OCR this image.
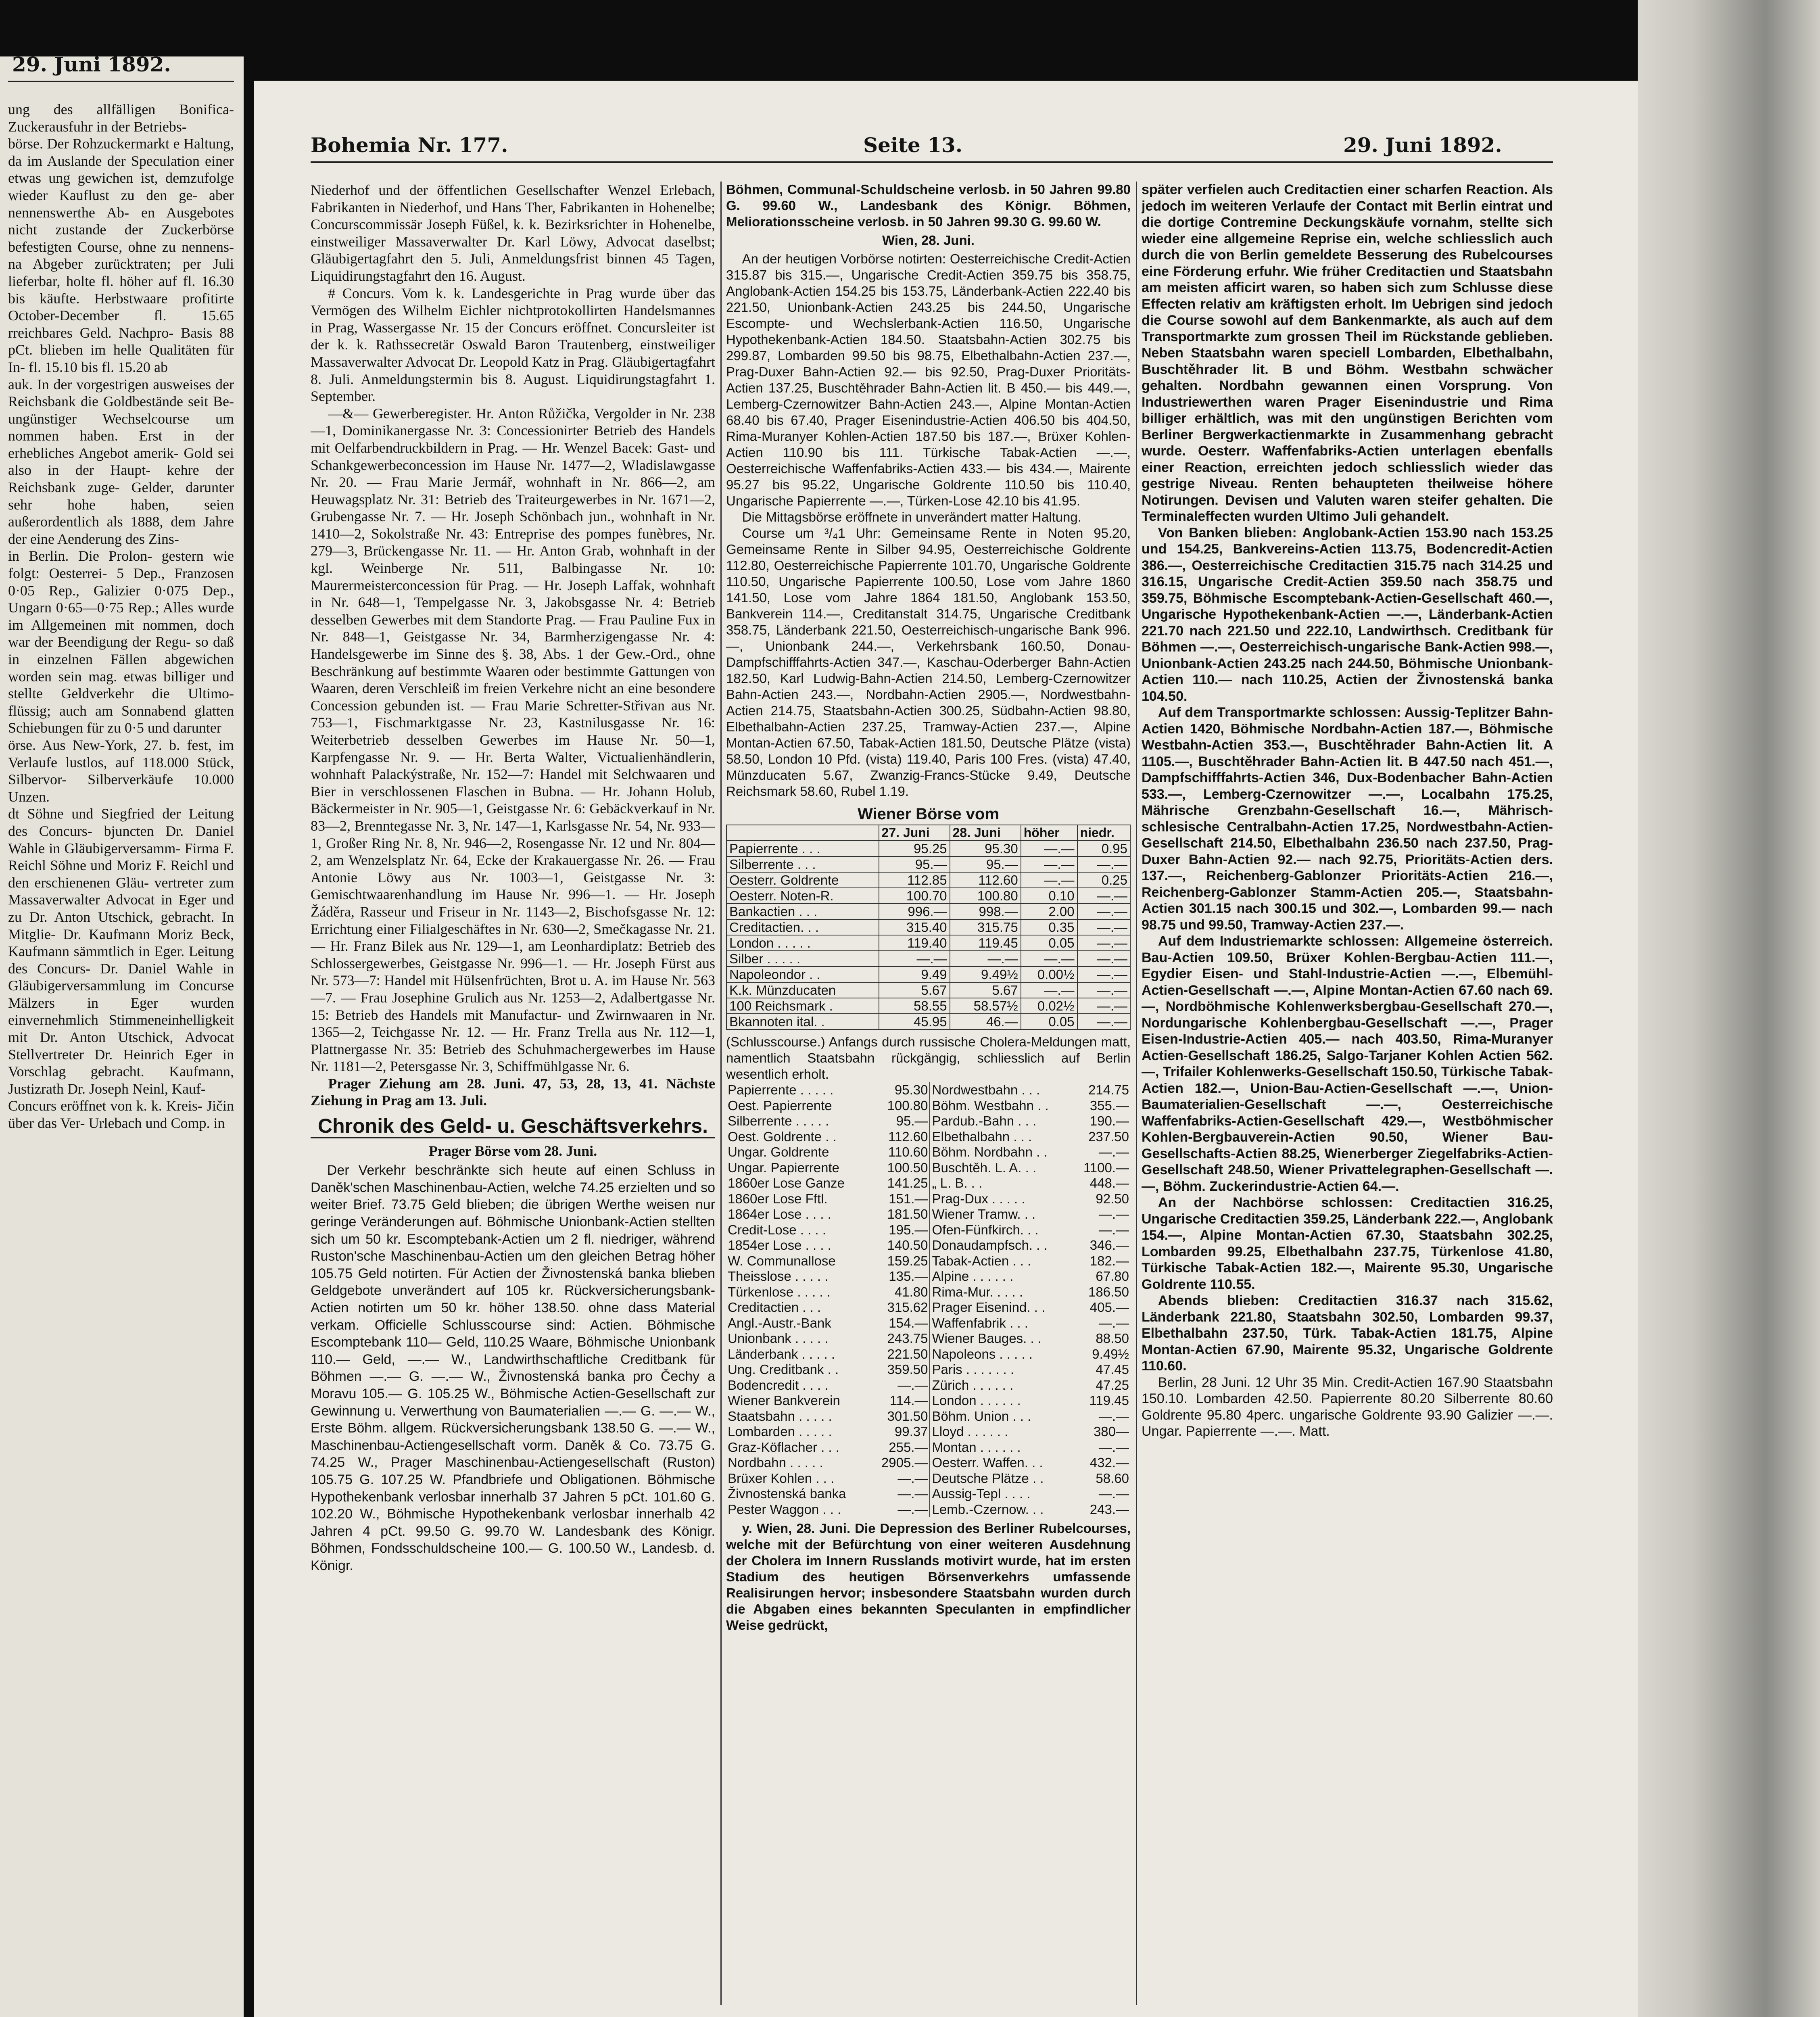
29. Juni 1892.

ung des allfälligen Bonifica- Zuckerausfuhr in der Betriebs-

börse. Der Rohzuckermarkt e Haltung, da im Auslande der Speculation einer etwas ung gewichen ist, demzufolge wieder Kauflust zu den ge- aber nennenswerthe Ab- en Ausgebotes nicht zustande der Zuckerbörse befestigten Course, ohne zu nennens- na Abgeber zurücktraten; per Juli lieferbar, holte fl. höher auf fl. 16.30 bis käufte. Herbstwaare profitirte October-December fl. 15.65 rreichbares Geld. Nachpro- Basis 88 pCt. blieben im helle Qualitäten für In- fl. 15.10 bis fl. 15.20 ab

auk. In der vorgestrigen ausweises der Reichsbank die Goldbestände seit Be- ungünstiger Wechselcourse um nommen haben. Erst in der erhebliches Angebot amerik- Gold sei also in der Haupt- kehre der Reichsbank zuge- Gelder, darunter sehr hohe haben, seien außerordentlich als 1888, dem Jahre der eine Aenderung des Zins-

in Berlin. Die Prolon- gestern wie folgt: Oesterrei- 5 Dep., Franzosen 0·05 Rep., Galizier 0·075 Dep., Ungarn 0·65—0·75 Rep.; Alles wurde im Allgemeinen mit nommen, doch war der Beendigung der Regu- so daß in einzelnen Fällen abgewichen worden sein mag. etwas billiger und stellte Geldverkehr die Ultimo- flüssig; auch am Sonnabend glatten Schiebungen für zu 0·5 und darunter

örse. Aus New-York, 27. b. fest, im Verlaufe lustlos, auf 118.000 Stück, Silbervor- Silberverkäufe 10.000 Unzen.

dt Söhne und Siegfried der Leitung des Concurs- bjuncten Dr. Daniel Wahle in Gläubigerversamm- Firma F. Reichl Söhne und Moriz F. Reichl und den erschienenen Gläu- vertreter zum Massaverwalter Advocat in Eger und zu Dr. Anton Utschick, gebracht. In Mitglie- Dr. Kaufmann Moriz Beck, Kaufmann sämmtlich in Eger. Leitung des Concurs- Dr. Daniel Wahle in Gläubigerversammlung im Concurse Mälzers in Eger wurden einvernehmlich Stimmeneinhelligkeit mit Dr. Anton Utschick, Advocat Stellvertreter Dr. Heinrich Eger in Vorschlag gebracht. Kaufmann, Justizrath Dr. Joseph Neinl, Kauf-

Concurs eröffnet von k. k. Kreis- Jičin über das Ver- Urlebach und Comp. in

Bohemia Nr. 177.	Seite 13.	29. Juni 1892.

Niederhof und der öffentlichen Gesellschafter Wenzel Erlebach, Fabrikanten in Niederhof, und Hans Ther, Fabrikanten in Hohenelbe; Concurscommissär Joseph Füßel, k. k. Bezirksrichter in Hohenelbe, einstweiliger Massaverwalter Dr. Karl Löwy, Advocat daselbst; Gläubigertagfahrt den 5. Juli, Anmeldungsfrist binnen 45 Tagen, Liquidirungstagfahrt den 16. August.

# Concurs. Vom k. k. Landesgerichte in Prag wurde über das Vermögen des Wilhelm Eichler nichtprotokollirten Handelsmannes in Prag, Wassergasse Nr. 15 der Concurs eröffnet. Concursleiter ist der k. k. Rathssecretär Oswald Baron Trautenberg, einstweiliger Massaverwalter Advocat Dr. Leopold Katz in Prag. Gläubigertagfahrt 8. Juli. Anmeldungstermin bis 8. August. Liquidirungstagfahrt 1. September.

—&— Gewerberegister. Hr. Anton Růžička, Vergolder in Nr. 238—1, Dominikanergasse Nr. 3: Concessionirter Betrieb des Handels mit Oelfarbendruckbildern in Prag. — Hr. Wenzel Bacek: Gast- und Schankgewerbeconcession im Hause Nr. 1477—2, Wladislawgasse Nr. 20. — Frau Marie Jermář, wohnhaft in Nr. 866—2, am Heuwagsplatz Nr. 31: Betrieb des Traiteurgewerbes in Nr. 1671—2, Grubengasse Nr. 7. — Hr. Joseph Schönbach jun., wohnhaft in Nr. 1410—2, Sokolstraße Nr. 43: Entreprise des pompes funèbres, Nr. 279—3, Brückengasse Nr. 11. — Hr. Anton Grab, wohnhaft in der kgl. Weinberge Nr. 511, Balbingasse Nr. 10: Maurermeisterconcession für Prag. — Hr. Joseph Laffak, wohnhaft in Nr. 648—1, Tempelgasse Nr. 3, Jakobsgasse Nr. 4: Betrieb desselben Gewerbes mit dem Standorte Prag. — Frau Pauline Fux in Nr. 848—1, Geistgasse Nr. 34, Barmherzigengasse Nr. 4: Handelsgewerbe im Sinne des §. 38, Abs. 1 der Gew.-Ord., ohne Beschränkung auf bestimmte Waaren oder bestimmte Gattungen von Waaren, deren Verschleiß im freien Verkehre nicht an eine besondere Concession gebunden ist. — Frau Marie Schretter-Střivan aus Nr. 753—1, Fischmarktgasse Nr. 23, Kastnilusgasse Nr. 16: Weiterbetrieb desselben Gewerbes im Hause Nr. 50—1, Karpfengasse Nr. 9. — Hr. Berta Walter, Victualienhändlerin, wohnhaft Palackýstraße, Nr. 152—7: Handel mit Selchwaaren und Bier in verschlossenen Flaschen in Bubna. — Hr. Johann Holub, Bäckermeister in Nr. 905—1, Geistgasse Nr. 6: Gebäckverkauf in Nr. 83—2, Brenntegasse Nr. 3, Nr. 147—1, Karlsgasse Nr. 54, Nr. 933—1, Großer Ring Nr. 8, Nr. 946—2, Rosengasse Nr. 12 und Nr. 804—2, am Wenzelsplatz Nr. 64, Ecke der Krakauergasse Nr. 26. — Frau Antonie Löwy aus Nr. 1003—1, Geistgasse Nr. 3: Gemischtwaarenhandlung im Hause Nr. 996—1. — Hr. Joseph Žáděra, Rasseur und Friseur in Nr. 1143—2, Bischofsgasse Nr. 12: Errichtung einer Filialgeschäftes in Nr. 630—2, Smečkagasse Nr. 21. — Hr. Franz Bilek aus Nr. 129—1, am Leonhardiplatz: Betrieb des Schlossergewerbes, Geistgasse Nr. 996—1. — Hr. Joseph Fürst aus Nr. 573—7: Handel mit Hülsenfrüchten, Brot u. A. im Hause Nr. 563—7. — Frau Josephine Grulich aus Nr. 1253—2, Adalbertgasse Nr. 15: Betrieb des Handels mit Manufactur- und Zwirnwaaren in Nr. 1365—2, Teichgasse Nr. 12. — Hr. Franz Trella aus Nr. 112—1, Plattnergasse Nr. 35: Betrieb des Schuhmachergewerbes im Hause Nr. 1181—2, Petersgasse Nr. 3, Schiffmühlgasse Nr. 6.

Prager Ziehung am 28. Juni. 47, 53, 28, 13, 41. Nächste Ziehung in Prag am 13. Juli.

Chronik des Geld- u. Geschäftsverkehrs.
Prager Börse vom 28. Juni.

Der Verkehr beschränkte sich heute auf einen Schluss in Daněk'schen Maschinenbau-Actien, welche 74.25 erzielten und so weiter Brief. 73.75 Geld blieben; die übrigen Werthe weisen nur geringe Veränderungen auf. Böhmische Unionbank-Actien stellten sich um 50 kr. Escomptebank-Actien um 2 fl. niedriger, während Ruston'sche Maschinenbau-Actien um den gleichen Betrag höher 105.75 Geld notirten. Für Actien der Živnostenská banka blieben Geldgebote unverändert auf 105 kr. Rückversicherungsbank-Actien notirten um 50 kr. höher 138.50. ohne dass Material verkam. Officielle Schlusscourse sind: Actien. Böhmische Escomptebank 110— Geld, 110.25 Waare, Böhmische Unionbank 110.— Geld, —.— W., Landwirthschaftliche Creditbank für Böhmen —.— G. —.— W., Živnostenská banka pro Čechy a Moravu 105.— G. 105.25 W., Böhmische Actien-Gesellschaft zur Gewinnung u. Verwerthung von Baumaterialien —.— G. —.— W., Erste Böhm. allgem. Rückversicherungsbank 138.50 G. —.— W., Maschinenbau-Actiengesellschaft vorm. Daněk & Co. 73.75 G. 74.25 W., Prager Maschinenbau-Actiengesellschaft (Ruston) 105.75 G. 107.25 W. Pfandbriefe und Obligationen. Böhmische Hypothekenbank verlosbar innerhalb 37 Jahren 5 pCt. 101.60 G. 102.20 W., Böhmische Hypothekenbank verlosbar innerhalb 42 Jahren 4 pCt. 99.50 G. 99.70 W. Landesbank des Königr. Böhmen, Fondsschuldscheine 100.— G. 100.50 W., Landesb. d. Königr.

Böhmen, Communal-Schuldscheine verlosb. in 50 Jahren 99.80 G. 99.60 W., Landesbank des Königr. Böhmen, Meliorationsscheine verlosb. in 50 Jahren 99.30 G. 99.60 W.

Wien, 28. Juni.

An der heutigen Vorbörse notirten: Oesterreichische Credit-Actien 315.87 bis 315.—, Ungarische Credit-Actien 359.75 bis 358.75, Anglobank-Actien 154.25 bis 153.75, Länderbank-Actien 222.40 bis 221.50, Unionbank-Actien 243.25 bis 244.50, Ungarische Escompte- und Wechslerbank-Actien 116.50, Ungarische Hypothekenbank-Actien 184.50. Staatsbahn-Actien 302.75 bis 299.87, Lombarden 99.50 bis 98.75, Elbethalbahn-Actien 237.—, Prag-Duxer Bahn-Actien 92.— bis 92.50, Prag-Duxer Prioritäts-Actien 137.25, Buschtěhrader Bahn-Actien lit. B 450.— bis 449.—, Lemberg-Czernowitzer Bahn-Actien 243.—, Alpine Montan-Actien 68.40 bis 67.40, Prager Eisenindustrie-Actien 406.50 bis 404.50, Rima-Muranyer Kohlen-Actien 187.50 bis 187.—, Brüxer Kohlen-Actien 110.90 bis 111. Türkische Tabak-Actien —.—, Oesterreichische Waffenfabriks-Actien 433.— bis 434.—, Mairente 95.27 bis 95.22, Ungarische Goldrente 110.50 bis 110.40, Ungarische Papierrente —.—, Türken-Lose 42.10 bis 41.95.

Die Mittagsbörse eröffnete in unverändert matter Haltung.

Course um ³/₄1 Uhr: Gemeinsame Rente in Noten 95.20, Gemeinsame Rente in Silber 94.95, Oesterreichische Goldrente 112.80, Oesterreichische Papierrente 101.70, Ungarische Goldrente 110.50, Ungarische Papierrente 100.50, Lose vom Jahre 1860 141.50, Lose vom Jahre 1864 181.50, Anglobank 153.50, Bankverein 114.—, Creditanstalt 314.75, Ungarische Creditbank 358.75, Länderbank 221.50, Oesterreichisch-ungarische Bank 996.—, Unionbank 244.—, Verkehrsbank 160.50, Donau-Dampfschifffahrts-Actien 347.—, Kaschau-Oderberger Bahn-Actien 182.50, Karl Ludwig-Bahn-Actien 214.50, Lemberg-Czernowitzer Bahn-Actien 243.—, Nordbahn-Actien 2905.—, Nordwestbahn-Actien 214.75, Staatsbahn-Actien 300.25, Südbahn-Actien 98.80, Elbethalbahn-Actien 237.25, Tramway-Actien 237.—, Alpine Montan-Actien 67.50, Tabak-Actien 181.50, Deutsche Plätze (vista) 58.50, London 10 Pfd. (vista) 119.40, Paris 100 Fres. (vista) 47.40, Münzducaten 5.67, Zwanzig-Francs-Stücke 9.49, Deutsche Reichsmark 58.60, Rubel 1.19.

Wiener Börse vom
	27. Juni	28. Juni	höher	niedr.
Papierrente . . .	95.25	95.30	—.—	0.95
Silberrente . . .	95.—	95.—	—.—	—.—
Oesterr. Goldrente	112.85	112.60	—.—	0.25
Oesterr. Noten-R.	100.70	100.80	0.10	—.—
Bankactien . . .	996.—	998.—	2.00	—.—
Creditactien. . .	315.40	315.75	0.35	—.—
London . . . . .	119.40	119.45	0.05	—.—
Silber . . . . .	—.—	—.—	—.—	—.—
Napoleondor . .	9.49	9.49½	0.00½	—.—
K.k. Münzducaten	5.67	5.67	—.—	—.—
100 Reichsmark .	58.55	58.57½	0.02½	—.—
Bkannoten ital. .	45.95	46.—	0.05	—.—

(Schlusscourse.) Anfangs durch russische Cholera-Meldungen matt, namentlich Staatsbahn rückgängig, schliesslich auf Berlin wesentlich erholt.

Papierrente . . . . .	95.30	Nordwestbahn . . .	214.75
Oest. Papierrente	100.80	Böhm. Westbahn . .	355.—
Silberrente . . . . .	95.—	Pardub.-Bahn . . .	190.—
Oest. Goldrente . .	112.60	Elbethalbahn . . .	237.50
Ungar. Goldrente	110.60	Böhm. Nordbahn . .	—.—
Ungar. Papierrente	100.50	Buschtěh. L. A. . .	1100.—
1860er Lose Ganze	141.25	„ L. B. . .	448.—
1860er Lose Fftl.	151.—	Prag-Dux . . . . .	92.50
1864er Lose . . . .	181.50	Wiener Tramw. . .	—.—
Credit-Lose . . . .	195.—	Ofen-Fünfkirch. . .	—.—
1854er Lose . . . .	140.50	Donaudampfsch. . .	346.—
W. Communallose	159.25	Tabak-Actien . . .	182.—
Theisslose . . . . .	135.—	Alpine . . . . . .	67.80
Türkenlose . . . . .	41.80	Rima-Mur. . . . .	186.50
Creditactien . . .	315.62	Prager Eisenind. . .	405.—
Angl.-Austr.-Bank	154.—	Waffenfabrik . . .	—.—
Unionbank . . . . .	243.75	Wiener Bauges. . .	88.50
Länderbank . . . . .	221.50	Napoleons . . . . .	9.49½
Ung. Creditbank . .	359.50	Paris . . . . . . .	47.45
Bodencredit . . . .	—.—	Zürich . . . . . .	47.25
Wiener Bankverein	114.—	London . . . . . .	119.45
Staatsbahn . . . . .	301.50	Böhm. Union . . .	—.—
Lombarden . . . . .	99.37	Lloyd . . . . . .	380—
Graz-Köflacher . . .	255.—	Montan . . . . . .	—.—
Nordbahn . . . . .	2905.—	Oesterr. Waffen. . .	432.—
Brüxer Kohlen . . .	—.—	Deutsche Plätze . .	58.60
Živnostenská banka	—.—	Aussig-Tepl . . . .	—.—
Pester Waggon . . .	—.—	Lemb.-Czernow. . .	243.—

y. Wien, 28. Juni. Die Depression des Berliner Rubelcourses, welche mit der Befürchtung von einer weiteren Ausdehnung der Cholera im Innern Russlands motivirt wurde, hat im ersten Stadium des heutigen Börsenverkehrs umfassende Realisirungen hervor; insbesondere Staatsbahn wurden durch die Abgaben eines bekannten Speculanten in empfindlicher Weise gedrückt,

später verfielen auch Creditactien einer scharfen Reaction. Als jedoch im weiteren Verlaufe der Contact mit Berlin eintrat und die dortige Contremine Deckungskäufe vornahm, stellte sich wieder eine allgemeine Reprise ein, welche schliesslich auch durch die von Berlin gemeldete Besserung des Rubelcourses eine Förderung erfuhr. Wie früher Creditactien und Staatsbahn am meisten afficirt waren, so haben sich zum Schlusse diese Effecten relativ am kräftigsten erholt. Im Uebrigen sind jedoch die Course sowohl auf dem Bankenmarkte, als auch auf dem Transportmarkte zum grossen Theil im Rückstande geblieben. Neben Staatsbahn waren speciell Lombarden, Elbethalbahn, Buschtěhrader lit. B und Böhm. Westbahn schwächer gehalten. Nordbahn gewannen einen Vorsprung. Von Industriewerthen waren Prager Eisenindustrie und Rima billiger erhältlich, was mit den ungünstigen Berichten vom Berliner Bergwerkactienmarkte in Zusammenhang gebracht wurde. Oesterr. Waffenfabriks-Actien unterlagen ebenfalls einer Reaction, erreichten jedoch schliesslich wieder das gestrige Niveau. Renten behaupteten theilweise höhere Notirungen. Devisen und Valuten waren steifer gehalten. Die Terminaleffecten wurden Ultimo Juli gehandelt.

Von Banken blieben: Anglobank-Actien 153.90 nach 153.25 und 154.25, Bankvereins-Actien 113.75, Bodencredit-Actien 386.—, Oesterreichische Creditactien 315.75 nach 314.25 und 316.15, Ungarische Credit-Actien 359.50 nach 358.75 und 359.75, Böhmische Escomptebank-Actien-Gesellschaft 460.—, Ungarische Hypothekenbank-Actien —.—, Länderbank-Actien 221.70 nach 221.50 und 222.10, Landwirthsch. Creditbank für Böhmen —.—, Oesterreichisch-ungarische Bank-Actien 998.—, Unionbank-Actien 243.25 nach 244.50, Böhmische Unionbank-Actien 110.— nach 110.25, Actien der Živnostenská banka 104.50.

Auf dem Transportmarkte schlossen: Aussig-Teplitzer Bahn-Actien 1420, Böhmische Nordbahn-Actien 187.—, Böhmische Westbahn-Actien 353.—, Buschtěhrader Bahn-Actien lit. A 1105.—, Buschtěhrader Bahn-Actien lit. B 447.50 nach 451.—, Dampfschifffahrts-Actien 346, Dux-Bodenbacher Bahn-Actien 533.—, Lemberg-Czernowitzer —.—, Localbahn 175.25, Mährische Grenzbahn-Gesellschaft 16.—, Mährisch-schlesische Centralbahn-Actien 17.25, Nordwestbahn-Actien-Gesellschaft 214.50, Elbethalbahn 236.50 nach 237.50, Prag-Duxer Bahn-Actien 92.— nach 92.75, Prioritäts-Actien ders. 137.—, Reichenberg-Gablonzer Prioritäts-Actien 216.—, Reichenberg-Gablonzer Stamm-Actien 205.—, Staatsbahn-Actien 301.15 nach 300.15 und 302.—, Lombarden 99.— nach 98.75 und 99.50, Tramway-Actien 237.—.

Auf dem Industriemarkte schlossen: Allgemeine österreich. Bau-Actien 109.50, Brüxer Kohlen-Bergbau-Actien 111.—, Egydier Eisen- und Stahl-Industrie-Actien —.—, Elbemühl-Actien-Gesellschaft —.—, Alpine Montan-Actien 67.60 nach 69.—, Nordböhmische Kohlenwerksbergbau-Gesellschaft 270.—, Nordungarische Kohlenbergbau-Gesellschaft —.—, Prager Eisen-Industrie-Actien 405.— nach 403.50, Rima-Muranyer Actien-Gesellschaft 186.25, Salgo-Tarjaner Kohlen Actien 562.—, Trifailer Kohlenwerks-Gesellschaft 150.50, Türkische Tabak-Actien 182.—, Union-Bau-Actien-Gesellschaft —.—, Union-Baumaterialien-Gesellschaft —.—, Oesterreichische Waffenfabriks-Actien-Gesellschaft 429.—, Westböhmischer Kohlen-Bergbauverein-Actien 90.50, Wiener Bau-Gesellschafts-Actien 88.25, Wienerberger Ziegelfabriks-Actien-Gesellschaft 248.50, Wiener Privattelegraphen-Gesellschaft —.—, Böhm. Zuckerindustrie-Actien 64.—.

An der Nachbörse schlossen: Creditactien 316.25, Ungarische Creditactien 359.25, Länderbank 222.—, Anglobank 154.—, Alpine Montan-Actien 67.30, Staatsbahn 302.25, Lombarden 99.25, Elbethalbahn 237.75, Türkenlose 41.80, Türkische Tabak-Actien 182.—, Mairente 95.30, Ungarische Goldrente 110.55.

Abends blieben: Creditactien 316.37 nach 315.62, Länderbank 221.80, Staatsbahn 302.50, Lombarden 99.37, Elbethalbahn 237.50, Türk. Tabak-Actien 181.75, Alpine Montan-Actien 67.90, Mairente 95.32, Ungarische Goldrente 110.60.

Berlin, 28 Juni. 12 Uhr 35 Min. Credit-Actien 167.90 Staatsbahn 150.10. Lombarden 42.50. Papierrente 80.20 Silberrente 80.60 Goldrente 95.80 4perc. ungarische Goldrente 93.90 Galizier —.—. Ungar. Papierrente —.—. Matt.
